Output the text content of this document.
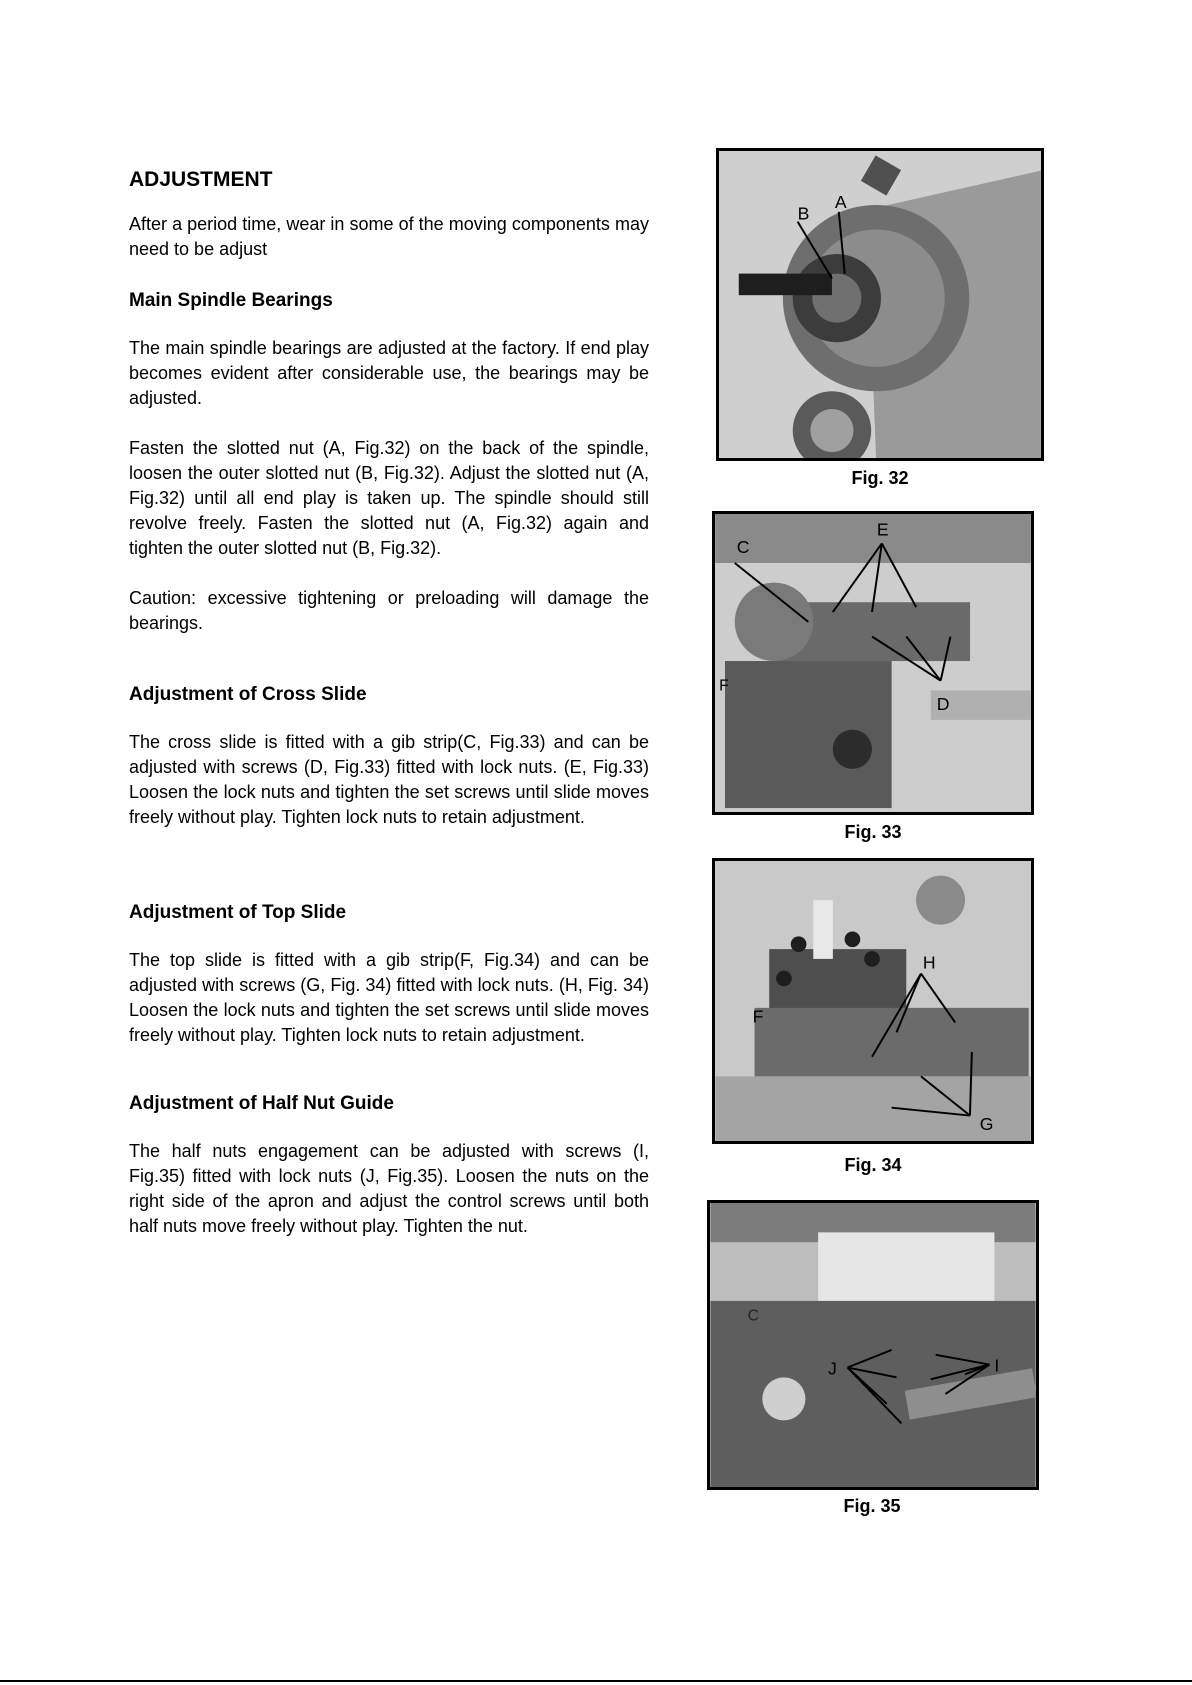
ADJUSTMENT

After a period time, wear in some of the moving components may need to be adjust

Main Spindle Bearings

The main spindle bearings are adjusted at the factory. If end play becomes evident after considerable use, the bearings may be adjusted.

Fasten the slotted nut (A, Fig.32) on the back of the spindle, loosen the outer slotted nut (B, Fig.32). Adjust the slotted nut (A, Fig.32) until all end play is taken up. The spindle should still revolve freely. Fasten the slotted nut (A, Fig.32) again and tighten the outer slotted nut (B, Fig.32).

Caution: excessive tightening or preloading will damage the bearings.

Adjustment of Cross Slide

The cross slide is fitted with a gib strip(C, Fig.33) and can be adjusted with screws (D, Fig.33) fitted with lock nuts. (E, Fig.33) Loosen the lock nuts and tighten the set screws until slide moves freely without play. Tighten lock nuts to retain adjustment.

Adjustment of Top Slide

The top slide is fitted with a gib strip(F, Fig.34) and can be adjusted with screws (G, Fig. 34) fitted with lock nuts. (H, Fig. 34) Loosen the lock nuts and tighten the set screws until slide moves freely without play. Tighten lock nuts to retain adjustment.

Adjustment of Half Nut Guide

The half nuts engagement can be adjusted with screws (I, Fig.35) fitted with lock nuts (J, Fig.35). Loosen the nuts on the right side of the apron and adjust the control screws until both half nuts move freely without play. Tighten the nut.

B
A
Fig. 32
C
E
D
F
Fig. 33
F
H
G
Fig. 34
J	I
C
Fig. 35
